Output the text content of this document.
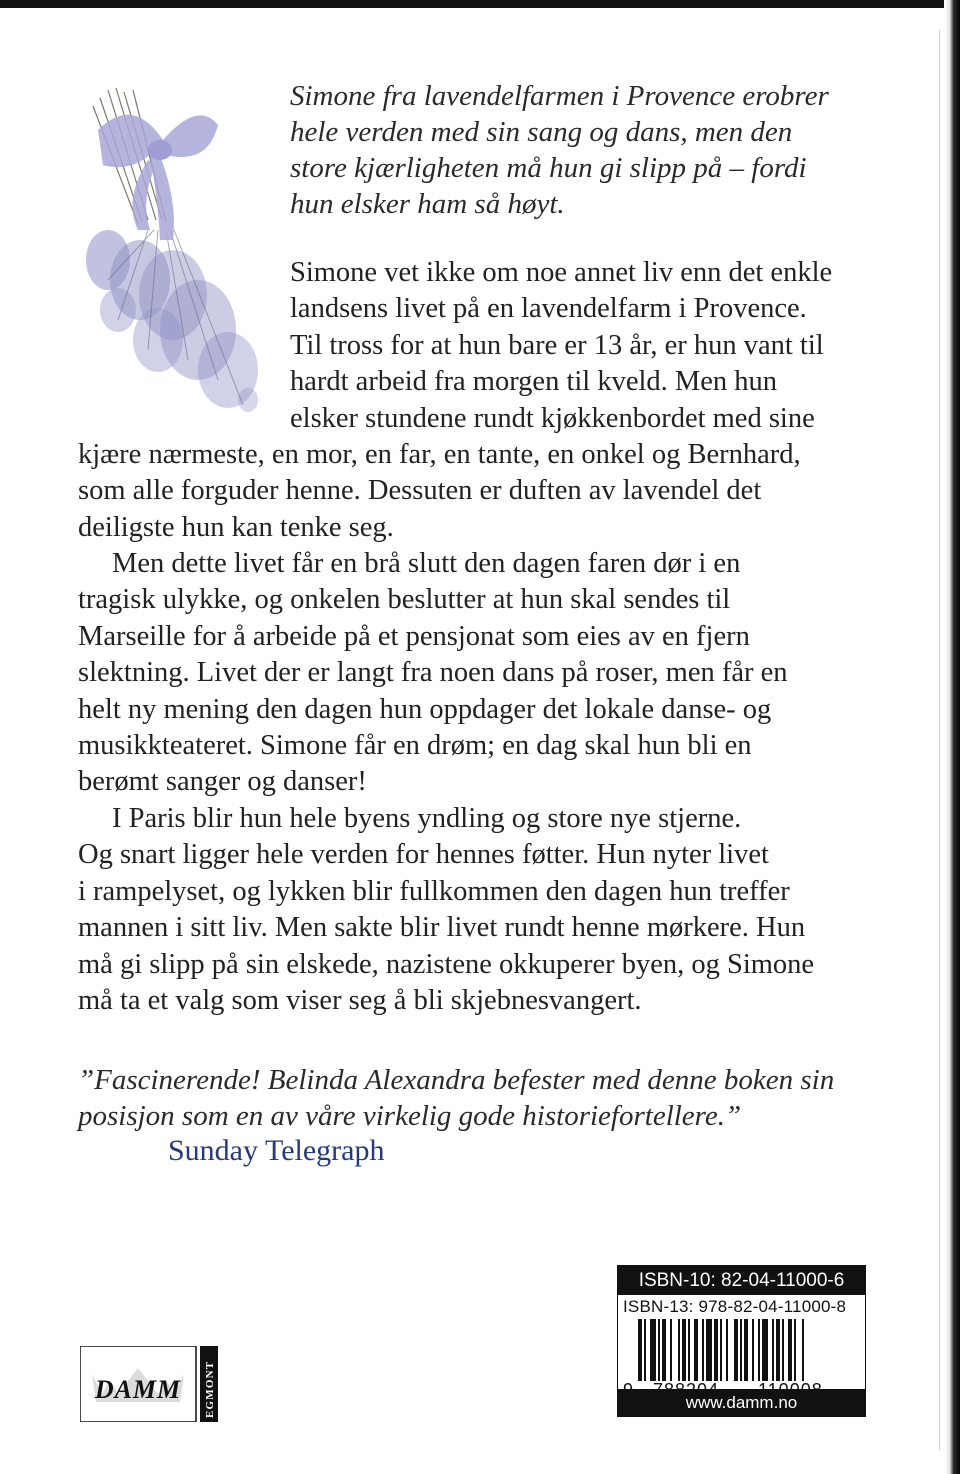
Simone fra lavendelfarmen i Provence erobrer

hele verden med sin sang og dans, men den

store kjærligheten må hun gi slipp på – fordi

hun elsker ham så høyt.

Simone vet ikke om noe annet liv enn det enkle
landsens livet på en lavendelfarm i Provence.
Til tross for at hun bare er 13 år, er hun vant til
hardt arbeid fra morgen til kveld. Men hun
elsker stundene rundt kjøkkenbordet med sine
kjære nærmeste, en mor, en far, en tante, en onkel og Bernhard,
som alle forguder henne. Dessuten er duften av lavendel det
deiligste hun kan tenke seg.
Men dette livet får en brå slutt den dagen faren dør i en
tragisk ulykke, og onkelen beslutter at hun skal sendes til
Marseille for å arbeide på et pensjonat som eies av en fjern
slektning. Livet der er langt fra noen dans på roser, men får en
helt ny mening den dagen hun oppdager det lokale danse- og
musikkteateret. Simone får en drøm; en dag skal hun bli en
berømt sanger og danser!
I Paris blir hun hele byens yndling og store nye stjerne.
Og snart ligger hele verden for hennes føtter. Hun nyter livet
i rampelyset, og lykken blir fullkommen den dagen hun treffer
mannen i sitt liv. Men sakte blir livet rundt henne mørkere. Hun
må gi slipp på sin elskede, nazistene okkuperer byen, og Simone
må ta et valg som viser seg å bli skjebnesvangert.
”Fascinerende! Belinda Alexandra befester med denne boken sin
posisjon som en av våre virkelig gode historiefortellere.”
Sunday Telegraph
DAMM EGMONT
ISBN-10: 82-04-11000-6
ISBN-13: 978-82-04-11000-8
www.damm.no
